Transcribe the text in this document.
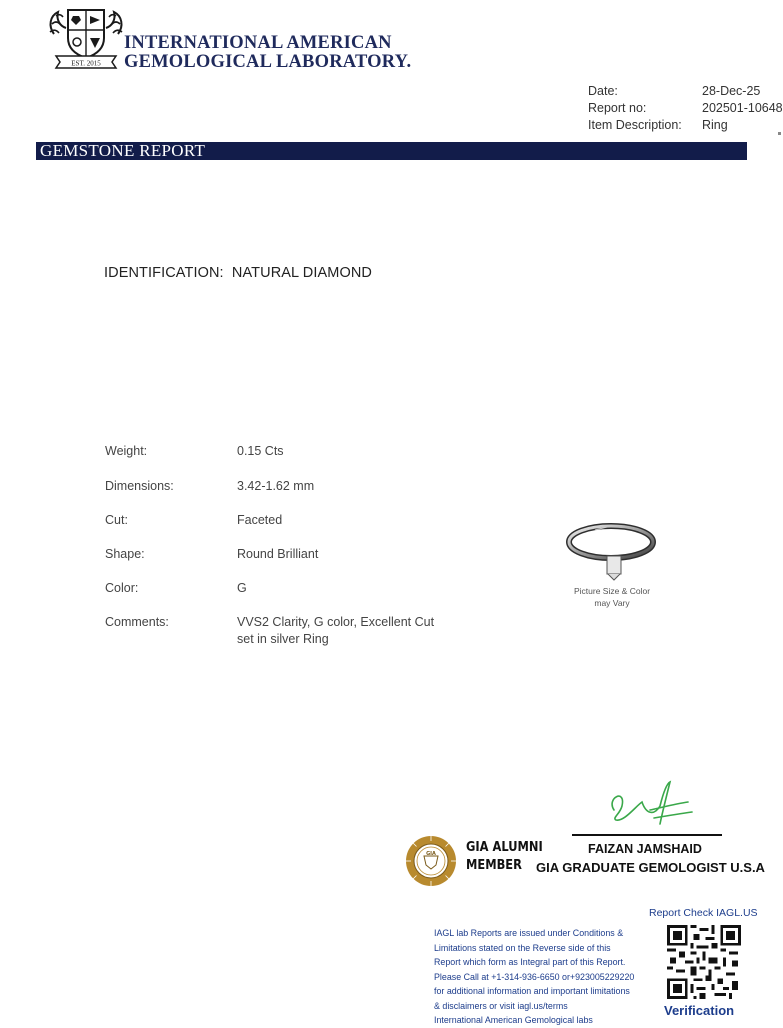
EST. 2015
INTERNATIONAL AMERICAN
GEMOLOGICAL LABORATORY.
Date:	28-Dec-25
Report no:	202501-10648
Item Description: Ring
GEMSTONE REPORT
IDENTIFICATION:  NATURAL DIAMOND
Weight:	0.15 Cts
Dimensions:	3.42-1.62 mm
Cut:	Faceted
Shape:	Round Brilliant
Color:	G
Comments:	VVS2 Clarity, G color, Excellent Cut
set in silver Ring
Picture Size & Color
may Vary
FAIZAN JAMSHAID
GIA GRADUATE GEMOLOGIST U.S.A
GIA GIA ALUMNI
MEMBER
IAGL lab Reports are issued under Conditions &
Limitations stated on the Reverse side of this
Report which form as Integral part of this Report.
Please Call at +1-314-936-6650 or+923005229220
for additional information and important limitations
& disclaimers or visit iagl.us/terms
International American Gemological labs
Report Check IAGL.US
Verification
